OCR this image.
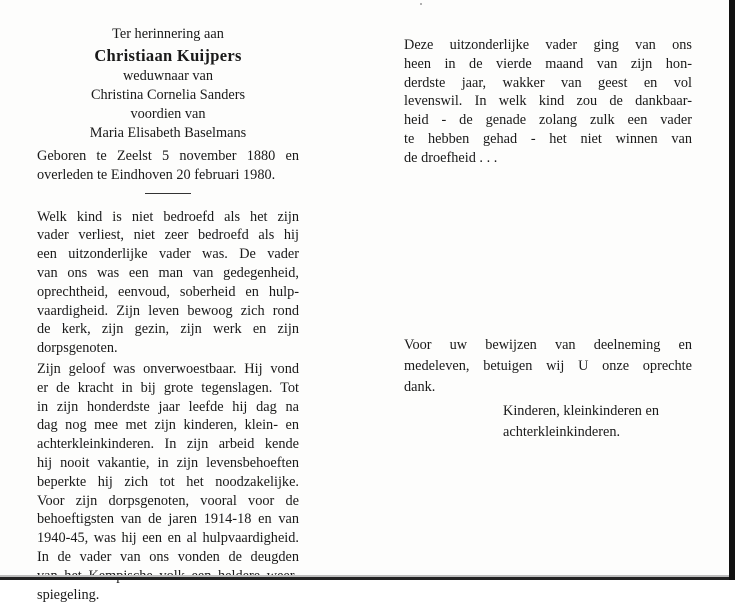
Ter herinnering aan
Christiaan Kuijpers
weduwnaar van
Christina Cornelia Sanders
voordien van
Maria Elisabeth Baselmans
Geboren te Zeelst 5 november 1880 en
overleden te Eindhoven 20 februari 1980.
Welk kind is niet bedroefd als het zijn
vader verliest, niet zeer bedroefd als hij
een uitzonderlijke vader was. De vader
van ons was een man van gedegenheid,
oprechtheid, eenvoud, soberheid en hulp-
vaardigheid. Zijn leven bewoog zich rond
de kerk, zijn gezin, zijn werk en zijn
dorpsgenoten.
Zijn geloof was onverwoestbaar. Hij vond
er de kracht in bij grote tegenslagen. Tot
in zijn honderdste jaar leefde hij dag na
dag nog mee met zijn kinderen, klein- en
achterkleinkinderen. In zijn arbeid kende
hij nooit vakantie, in zijn levensbehoeften
beperkte hij zich tot het noodzakelijke.
Voor zijn dorpsgenoten, vooral voor de
behoeftigsten van de jaren 1914-18 en van
1940-45, was hij een en al hulpvaardigheid.
In de vader van ons vonden de deugden
spiegeling.
Deze uitzonderlijke vader ging van ons
heen in de vierde maand van zijn hon-
derdste jaar, wakker van geest en vol
levenswil. In welk kind zou de dankbaar-
heid - de genade zolang zulk een vader
te hebben gehad - het niet winnen van
de droefheid . . .
Voor uw bewijzen van deelneming en
medeleven, betuigen wij U onze oprechte
dank.
Kinderen, kleinkinderen en
achterkleinkinderen.
